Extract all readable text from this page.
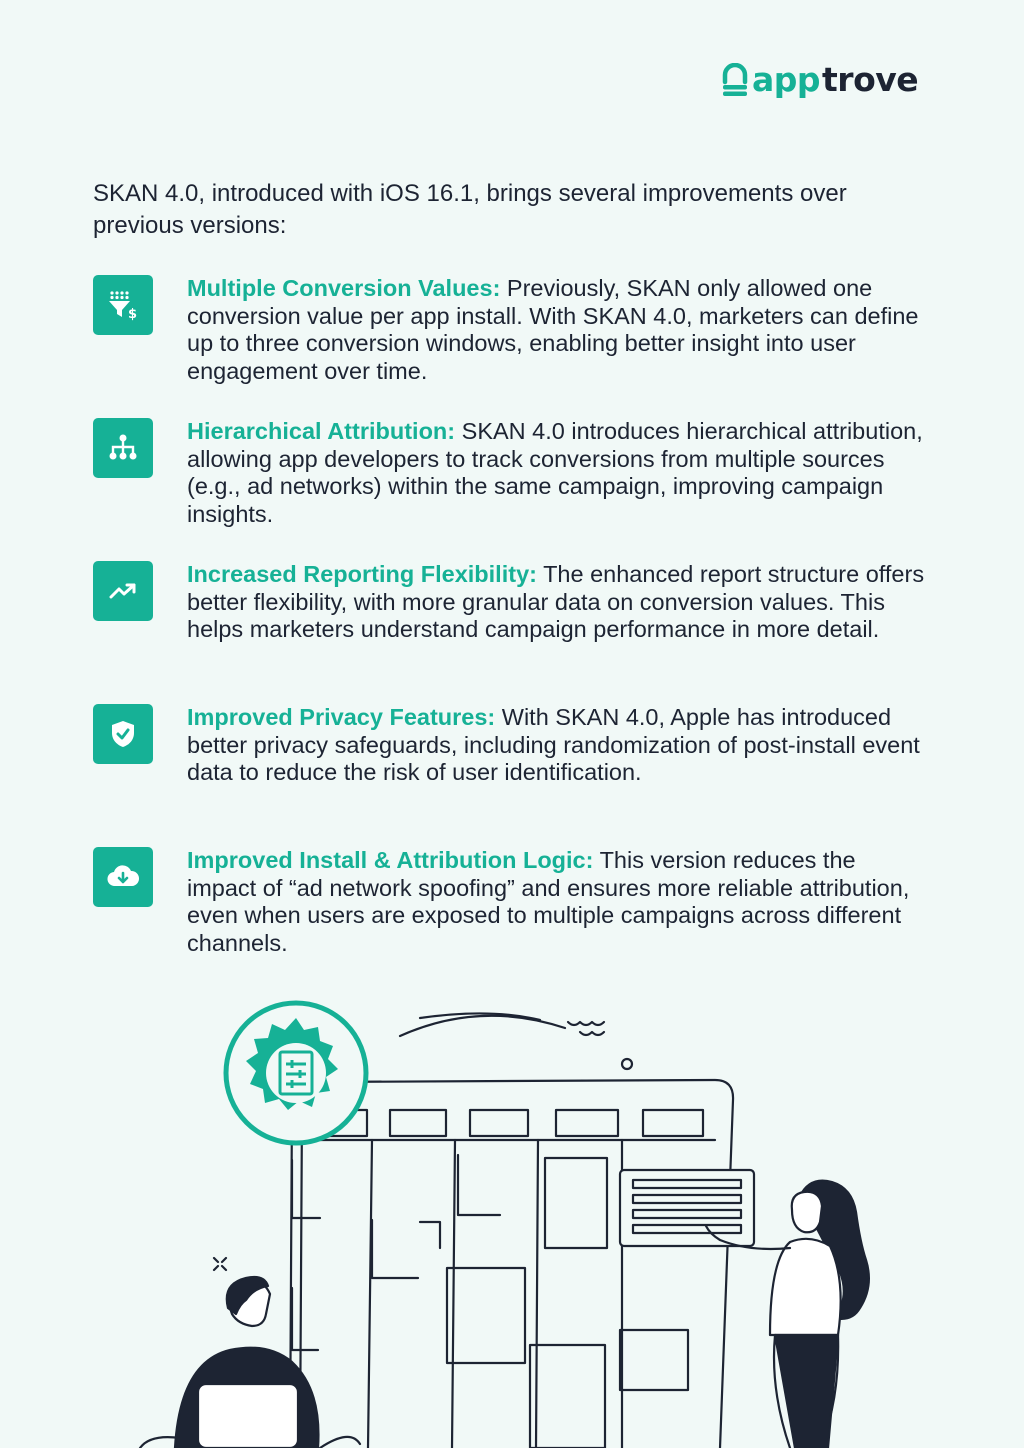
app trove

SKAN 4.0, introduced with iOS 16.1, brings several improvements over previous versions:

$

Multiple Conversion Values: Previously, SKAN only allowed one conversion value per app install. With SKAN 4.0, marketers can define up to three conversion windows, enabling better insight into user engagement over time.

Hierarchical Attribution: SKAN 4.0 introduces hierarchical attribution, allowing app developers to track conversions from multiple sources (e.g., ad networks) within the same campaign, improving campaign insights.

Increased Reporting Flexibility: The enhanced report structure offers better flexibility, with more granular data on conversion values. This helps marketers understand campaign performance in more detail.

Improved Privacy Features: With SKAN 4.0, Apple has introduced better privacy safeguards, including randomization of post-install event data to reduce the risk of user identification.

Improved Install & Attribution Logic: This version reduces the impact of “ad network spoofing” and ensures more reliable attribution, even when users are exposed to multiple campaigns across different channels.
